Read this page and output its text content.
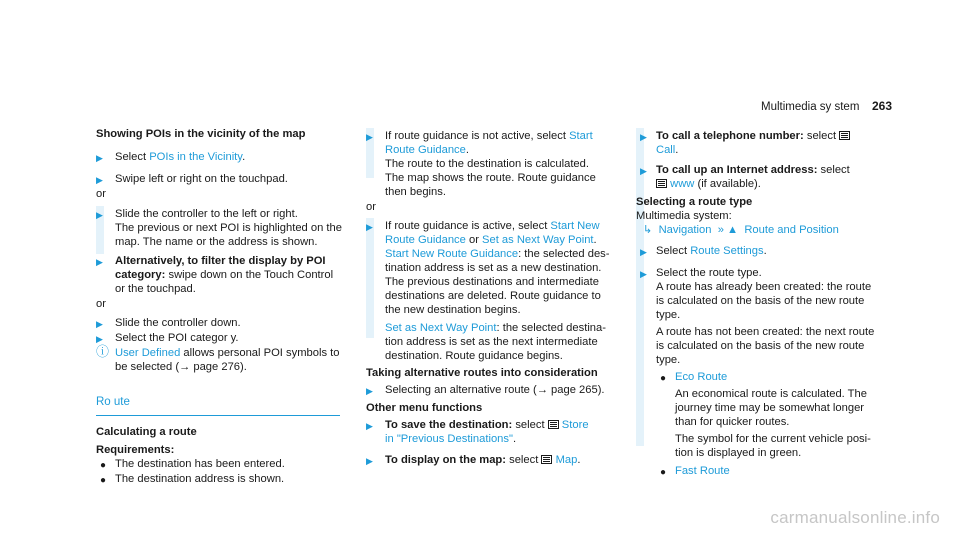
Multimedia sy stem 263
Showing POIs in the vicinity of the map
▶ Select POIs in the Vicinity.
▶ Swipe left or right on the touchpad.
or
▶ Slide the controller to the left or right.
The previous or next POI is highlighted on the
map. The name or the address is shown.
▶ Alternatively, to filter the display by POI
category: swipe down on the Touch Control
or the touchpad.
or
▶ Slide the controller down.
▶ Select the POI categor y.
ⓘ User Defined allows personal POI symbols to
be selected (→ page 276).
Ro ute
Calculating a route
Requirements:
● The destination has been entered.
● The destination address is shown.
▶ If route guidance is not active, select Start
Route Guidance.
The route to the destination is calculated.
The map shows the route. Route guidance
then begins.
or
▶ If route guidance is active, select Start New
Route Guidance or Set as Next Way Point.
Start New Route Guidance: the selected des‐
tination address is set as a new destination.
The previous destinations and intermediate
destinations are deleted. Route guidance to
the new destination begins.
Set as Next Way Point: the selected destina‐
tion address is set as the next intermediate
destination. Route guidance begins.
Taking alternative routes into consideration
▶ Selecting an alternative route (→ page 265).
Other menu functions
▶ To save the destination: select  Store
in "Previous Destinations".
▶ To display on the map: select  Map.
▶ To call a telephone number: select
Call.
▶ To call up an Internet address: select
www (if available).
Selecting a route type
Multimedia system:
↳ Navigation » ▲ Route and Position
▶ Select Route Settings.
▶ Select the route type.
A route has already been created: the route
is calculated on the basis of the new route
type.
A route has not been created: the next route
is calculated on the basis of the new route
type.
● Eco Route
An economical route is calculated. The
journey time may be somewhat longer
than for quicker routes.
The symbol for the current vehicle posi‐
tion is displayed in green.
● Fast Route
carmanualsonline.info
